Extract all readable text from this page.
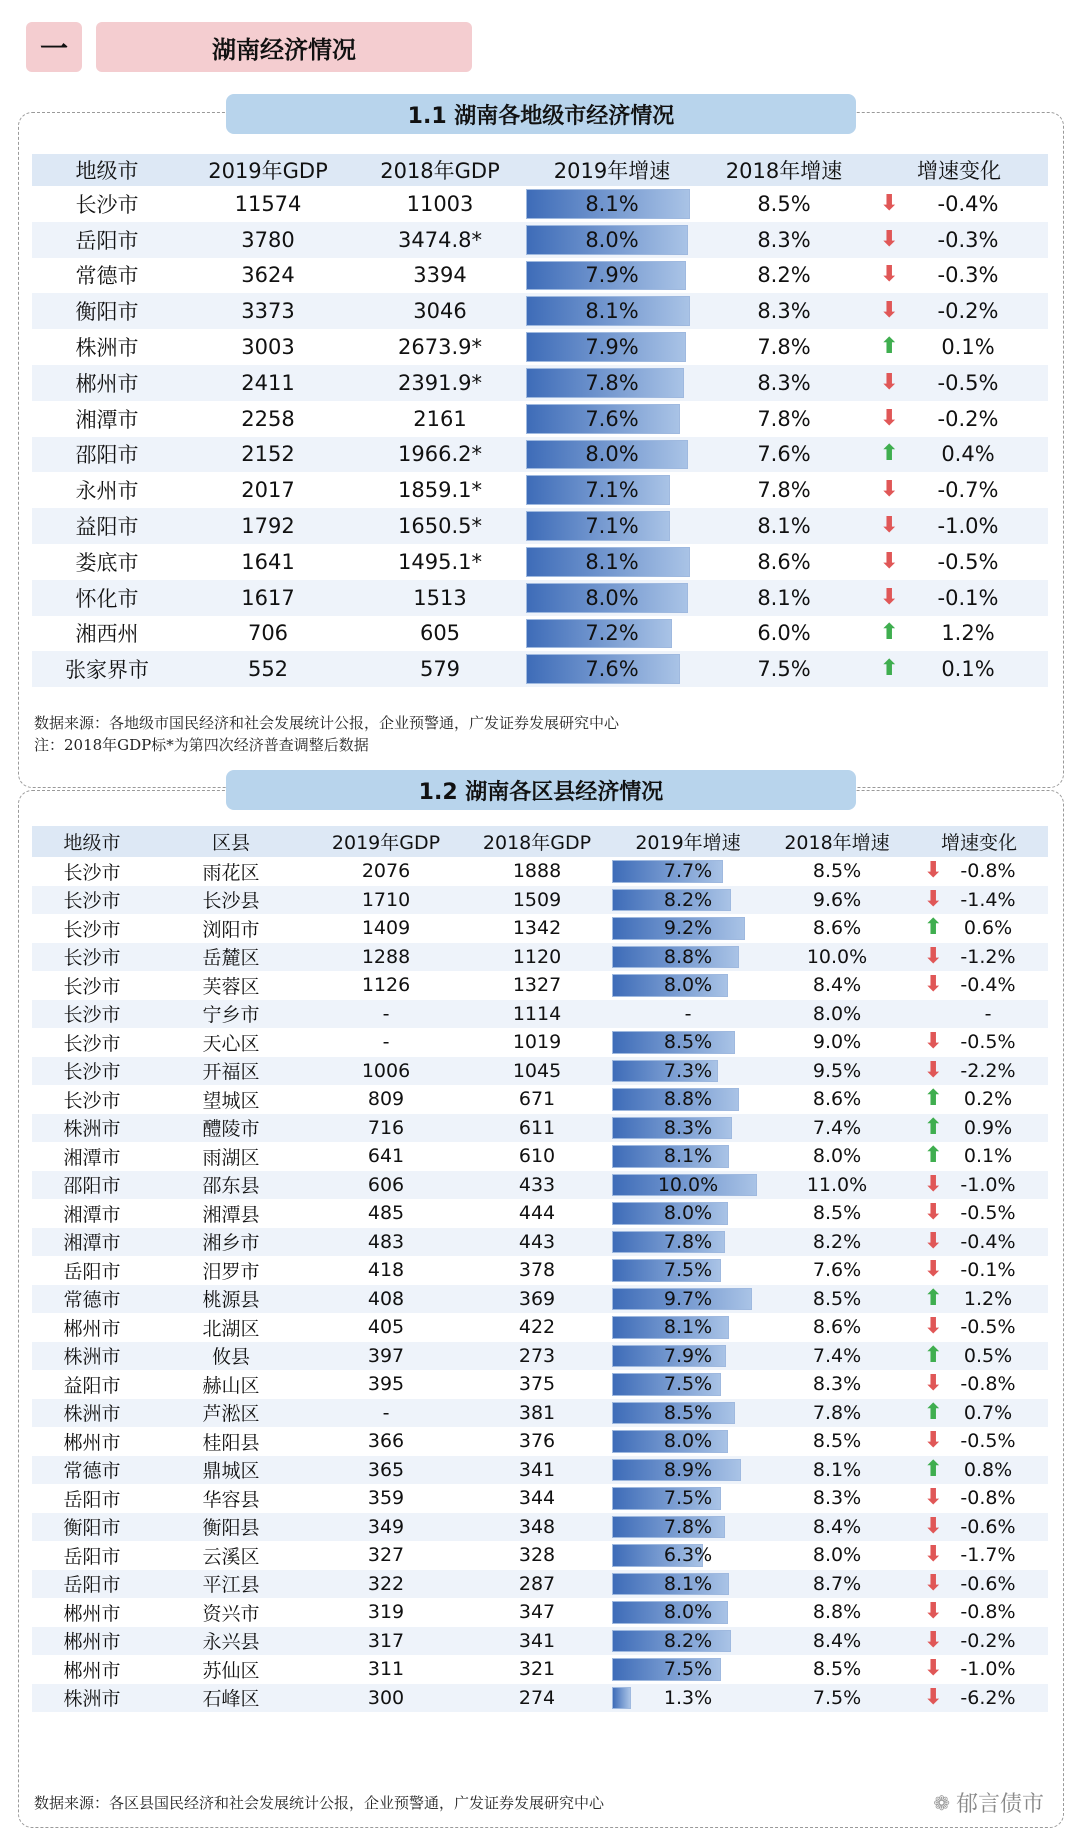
一	湖南经济情况
1.1 湖南各地级市经济情况
地级市	2019年GDP	2018年GDP	2019年增速	2018年增速	增速变化
长沙市	11574	11003	8.1%	8.5%	⬇ -0.4%
岳阳市	3780	3474.8*	8.0%	8.3%	⬇ -0.3%
常德市	3624	3394	7.9%	8.2%	⬇ -0.3%
衡阳市	3373	3046	8.1%	8.3%	⬇ -0.2%
株洲市	3003	2673.9*	7.9%	7.8%	⬆ 0.1%
郴州市	2411	2391.9*	7.8%	8.3%	⬇ -0.5%
湘潭市	2258	2161	7.6%	7.8%	⬇ -0.2%
邵阳市	2152	1966.2*	8.0%	7.6%	⬆ 0.4%
永州市	2017	1859.1*	7.1%	7.8%	⬇ -0.7%
益阳市	1792	1650.5*	7.1%	8.1%	⬇ -1.0%
娄底市	1641	1495.1*	8.1%	8.6%	⬇ -0.5%
怀化市	1617	1513	8.0%	8.1%	⬇ -0.1%
湘西州	706	605	7.2%	6.0%	⬆ 1.2%
张家界市	552	579	7.6%	7.5%	⬆ 0.1%
数据来源：各地级市国民经济和社会发展统计公报，企业预警通，广发证券发展研究中心
注：2018年GDP标*为第四次经济普查调整后数据
1.2 湖南各区县经济情况
地级市	区县	2019年GDP	2018年GDP	2019年增速	2018年增速	增速变化
长沙市	雨花区	2076	1888	7.7%	8.5%	⬇ -0.8%
长沙市	长沙县	1710	1509	8.2%	9.6%	⬇ -1.4%
长沙市	浏阳市	1409	1342	9.2%	8.6%	⬆ 0.6%
长沙市	岳麓区	1288	1120	8.8%	10.0%	⬇ -1.2%
长沙市	芙蓉区	1126	1327	8.0%	8.4%	⬇ -0.4%
长沙市	宁乡市	-	1114	-	8.0%	-
长沙市	天心区	-	1019	8.5%	9.0%	⬇ -0.5%
长沙市	开福区	1006	1045	7.3%	9.5%	⬇ -2.2%
长沙市	望城区	809	671	8.8%	8.6%	⬆ 0.2%
株洲市	醴陵市	716	611	8.3%	7.4%	⬆ 0.9%
湘潭市	雨湖区	641	610	8.1%	8.0%	⬆ 0.1%
邵阳市	邵东县	606	433	10.0%	11.0%	⬇ -1.0%
湘潭市	湘潭县	485	444	8.0%	8.5%	⬇ -0.5%
湘潭市	湘乡市	483	443	7.8%	8.2%	⬇ -0.4%
岳阳市	汨罗市	418	378	7.5%	7.6%	⬇ -0.1%
常德市	桃源县	408	369	9.7%	8.5%	⬆ 1.2%
郴州市	北湖区	405	422	8.1%	8.6%	⬇ -0.5%
株洲市	攸县	397	273	7.9%	7.4%	⬆ 0.5%
益阳市	赫山区	395	375	7.5%	8.3%	⬇ -0.8%
株洲市	芦淞区	-	381	8.5%	7.8%	⬆ 0.7%
郴州市	桂阳县	366	376	8.0%	8.5%	⬇ -0.5%
常德市	鼎城区	365	341	8.9%	8.1%	⬆ 0.8%
岳阳市	华容县	359	344	7.5%	8.3%	⬇ -0.8%
衡阳市	衡阳县	349	348	7.8%	8.4%	⬇ -0.6%
岳阳市	云溪区	327	328	6.3%	8.0%	⬇ -1.7%
岳阳市	平江县	322	287	8.1%	8.7%	⬇ -0.6%
郴州市	资兴市	319	347	8.0%	8.8%	⬇ -0.8%
郴州市	永兴县	317	341	8.2%	8.4%	⬇ -0.2%
郴州市	苏仙区	311	321	7.5%	8.5%	⬇ -1.0%
株洲市	石峰区	300	274	1.3%	7.5%	⬇ -6.2%
数据来源：各区县国民经济和社会发展统计公报，企业预警通，广发证券发展研究中心	❁ 郁言债市
